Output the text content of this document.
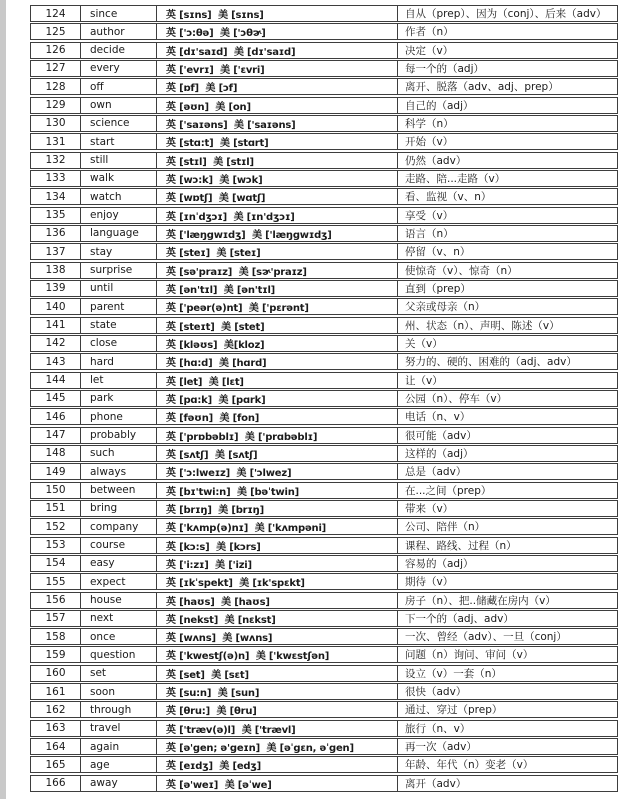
124	since	英 [sɪns]  美 [sɪns]	自从（prep）、因为（conj）、后来（adv）
125	author	英 ['ɔ:θə]  美 ['ɔθɚ]	作者（n）
126	decide	英 [dɪ'saɪd]  美 [dɪ'saɪd]	决定（v）
127	every	英 ['evrɪ]  美 ['ɛvri]	每一个的（adj）
128	off	英 [ɒf]  美 [ɔf]	离开、脱落（adv、adj、prep）
129	own	英 [əʊn]  美 [on]	自己的（adj）
130	science	英 ['saɪəns]  美 ['saɪəns]	科学（n）
131	start	英 [stɑ:t]  美 [stɑrt]	开始（v）
132	still	英 [stɪl]  美 [stɪl]	仍然（adv）
133	walk	英 [wɔ:k]  美 [wɔk]	走路、陪...走路（v）
134	watch	英 [wɒtʃ]  美 [wɑtʃ]	看、监视（v、n）
135	enjoy	英 [ɪnˈdʒɔɪ]  美 [ɪn'dʒɔɪ]	享受（v）
136	language	英 ['læŋgwɪdʒ]  美 ['læŋgwɪdʒ]	语言（n）
137	stay	英 [steɪ]  美 [steɪ]	停留（v、n）
138	surprise	英 [sə'praɪz]  美 [sɚ'praɪz]	使惊奇（v）、惊奇（n）
139	until	英 [ən'tɪl]  美 [ən'tɪl]	直到（prep）
140	parent	英 ['peər(ə)nt]  美 ['pɛrənt]	父亲或母亲（n）
141	state	英 [steɪt]  美 [stet]	州、状态（n）、声明、陈述（v）
142	close	英 [kləʊs]  美[kloz]	关（v）
143	hard	英 [hɑ:d]  美 [hɑrd]	努力的、硬的、困难的（adj、adv）
144	let	英 [let]  美 [lɛt]	让（v）
145	park	英 [pɑ:k]  美 [pɑrk]	公园（n）、停车（v）
146	phone	英 [fəʊn]  美 [fon]	电话（n、v）
147	probably	英 ['prɒbəblɪ]  美 ['prɑbəblɪ]	很可能（adv）
148	such	英 [sʌtʃ]  美 [sʌtʃ]	这样的（adj）
149	always	英 ['ɔ:lweɪz]  美 ['ɔlwez]	总是（adv）
150	between	英 [bɪ'twi:n]  美 [bəˈtwin]	在...之间（prep）
151	bring	英 [brɪŋ]  美 [brɪŋ]	带来（v）
152	company	英 ['kʌmp(ə)nɪ]  美 ['kʌmpəni]	公司、陪伴（n）
153	course	英 [kɔ:s]  美 [kɔrs]	课程、路线、过程（n）
154	easy	英 ['i:zɪ]  美 ['izi]	容易的（adj）
155	expect	英 [ɪkˈspekt]  美 [ɪk'spɛkt]	期待（v）
156	house	英 [haʊs]  美 [haʊs]	房子（n）、把..储藏在房内（v）
157	next	英 [nekst]  美 [nɛkst]	下一个的（adj、adv）
158	once	英 [wʌns]  美 [wʌns]	一次、曾经（adv）、一旦（conj）
159	question	英 ['kwestʃ(ə)n]  美 ['kwɛstʃən]	问题（n）询问、审问（v）
160	set	英 [set]  美 [sɛt]	设立（v）一套（n）
161	soon	英 [su:n]  美 [sun]	很快（adv）
162	through	英 [θru:]  美 [θru]	通过、穿过（prep）
163	travel	英 ['træv(ə)l]  美 ['trævl]	旅行（n、v）
164	again	英 [ə'gen; ə'geɪn]  美 [əˈgɛn, əˈgen]	再一次（adv）
165	age	英 [eɪdʒ]  美 [edʒ]	年龄、年代（n）变老（v）
166	away	英 [ə'weɪ]  美 [əˈwe]	离开（adv）
